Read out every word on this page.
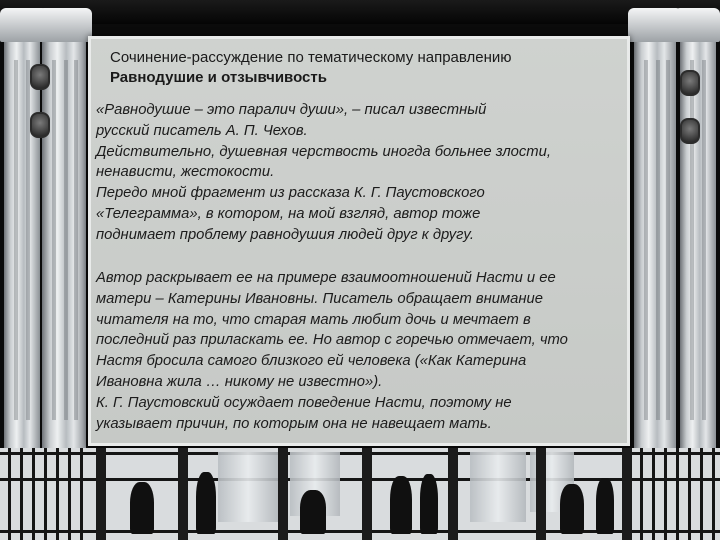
Сочинение-рассуждение по тематическому направлению
Равнодушие и отзывчивость

«Равнодушие – это паралич души», – писал известный

русский писатель А. П. Чехов.

Действительно, душевная черствость иногда больнее злости,

ненависти, жестокости.

Передо мной фрагмент из рассказа К. Г. Паустовского

«Телеграмма», в котором, на мой взгляд, автор тоже

поднимает проблему равнодушия людей друг к другу.

Автор раскрывает ее на примере взаимоотношений Насти и ее

матери – Катерины Ивановны. Писатель обращает внимание

читателя на то, что старая мать любит дочь и мечтает в

последний раз приласкать ее. Но автор с горечью отмечает, что

Настя бросила самого близкого ей человека («Как Катерина

Ивановна жила … никому не известно»).

К. Г. Паустовский осуждает поведение Насти, поэтому не

указывает причин, по которым она не навещает мать.
